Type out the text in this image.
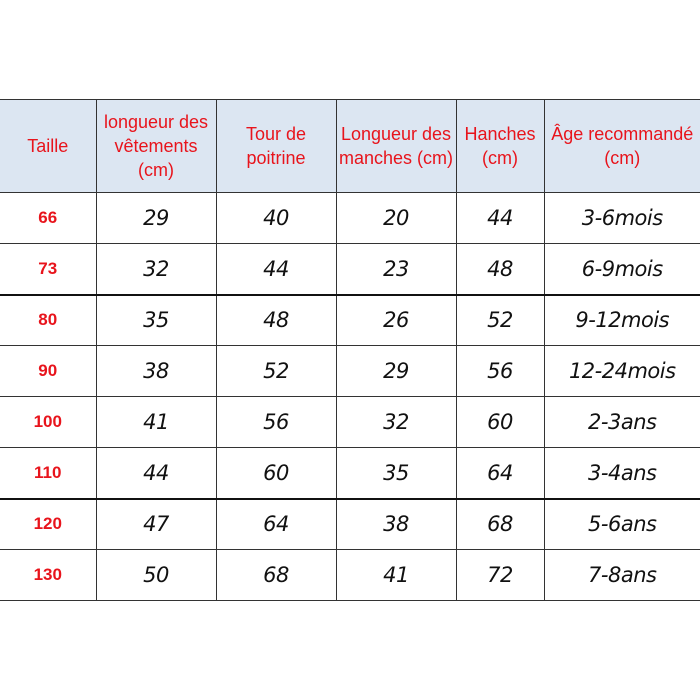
Taille	longueur des vêtements (cm)	Tour de poitrine	Longueur des manches (cm)	Hanches (cm)	Âge recommandé (cm)
66	29	40	20	44	3-6mois
73	32	44	23	48	6-9mois
80	35	48	26	52	9-12mois
90	38	52	29	56	12-24mois
100	41	56	32	60	2-3ans
110	44	60	35	64	3-4ans
120	47	64	38	68	5-6ans
130	50	68	41	72	7-8ans
